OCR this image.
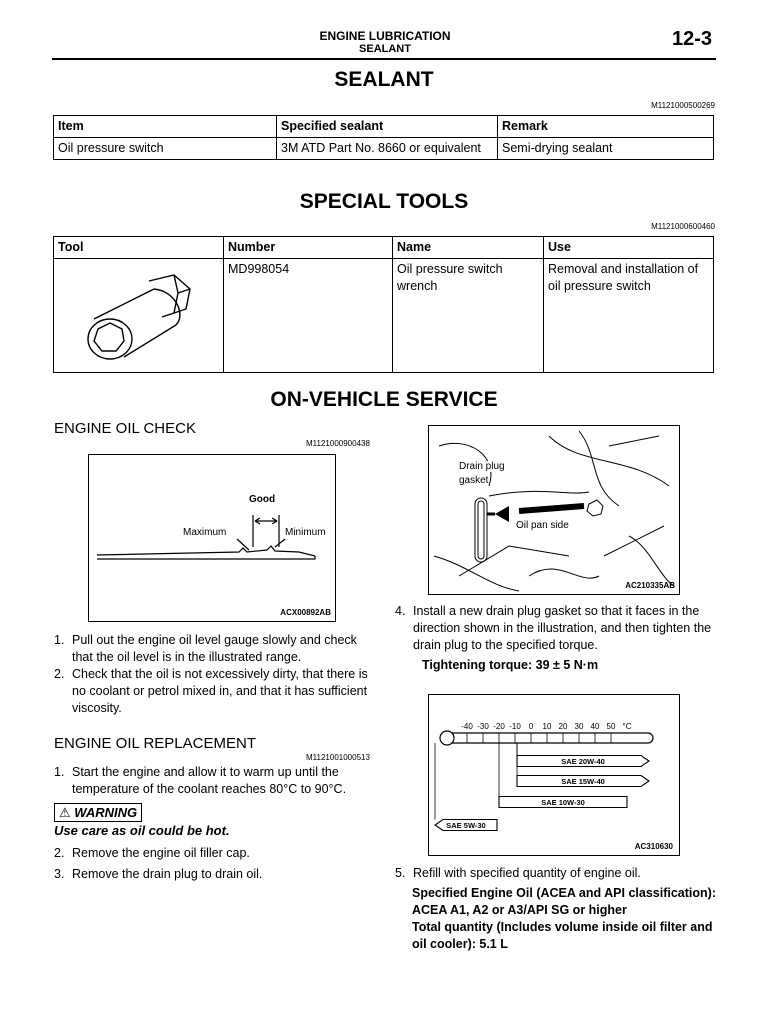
ENGINE LUBRICATION
SEALANT	12-3
SEALANT
M1121000500269
Item	Specified sealant	Remark
Oil pressure switch	3M ATD Part No. 8660 or equivalent	Semi-drying sealant
SPECIAL TOOLS
M1121000600460
Tool	Number	Name	Use
	MD998054	Oil pressure switch wrench	Removal and installation of oil pressure switch
ON-VEHICLE SERVICE
ENGINE OIL CHECK
M1121000900438
Good
Maximum	Minimum
ACX00892AB
1. Pull out the engine oil level gauge slowly and check that the oil level is in the illustrated range.
2. Check that the oil is not excessively dirty, that there is no coolant or petrol mixed in, and that it has sufficient viscosity.
ENGINE OIL REPLACEMENT
M1121001000513
1. Start the engine and allow it to warm up until the temperature of the coolant reaches 80°C to 90°C.
⚠ WARNING
Use care as oil could be hot.
2. Remove the engine oil filler cap.
3. Remove the drain plug to drain oil.
Drain plug
gasket
Oil pan side
AC210335AB
4. Install a new drain plug gasket so that it faces in the direction shown in the illustration, and then tighten the drain plug to the specified torque.
Tightening torque: 39 ± 5 N·m
-40 -30 -20 -10 0 10 20 30 40 50 °C
SAE 20W-40
SAE 15W-40
SAE 10W-30
SAE 5W-30
AC310630
5. Refill with specified quantity of engine oil.
Specified Engine Oil (ACEA and API classification): ACEA A1, A2 or A3/API SG or higher
Total quantity (Includes volume inside oil filter and oil cooler): 5.1 L
